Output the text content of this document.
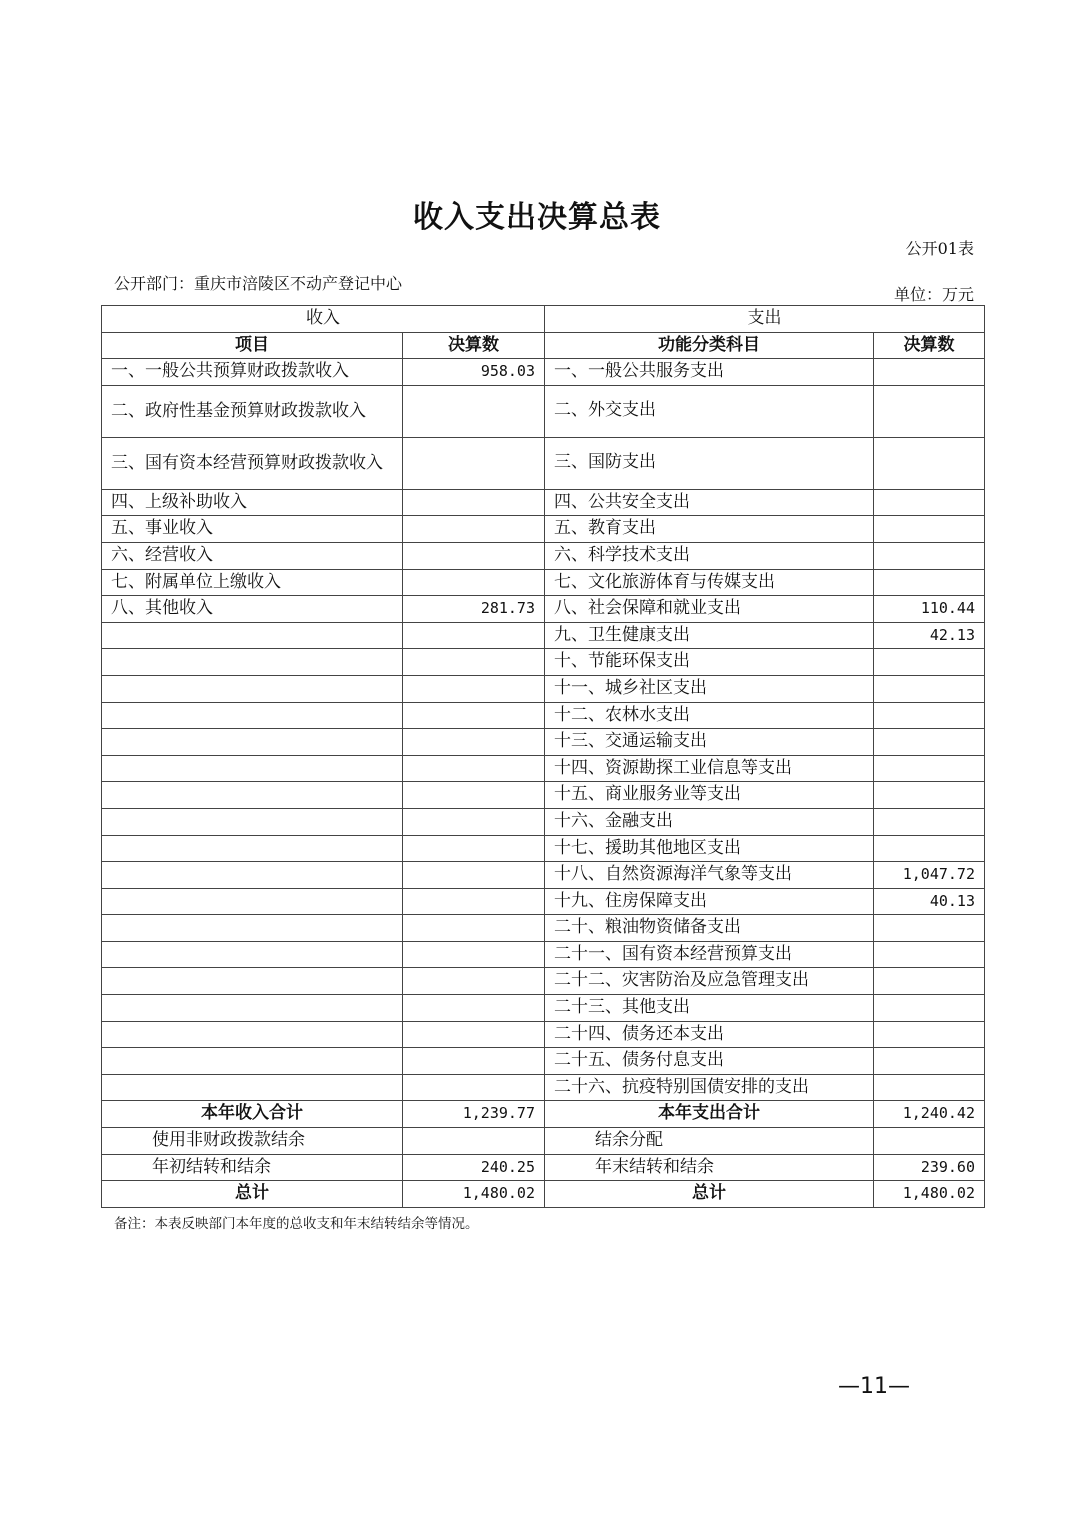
收入支出决算总表
公开01表
公开部门：重庆市涪陵区不动产登记中心
单位：万元
收入		支出	
项目	决算数	功能分类科目	决算数
一、一般公共预算财政拨款收入	958.03	一、一般公共服务支出	
二、政府性基金预算财政拨款收入		二、外交支出	
三、国有资本经营预算财政拨款收入		三、国防支出	
四、上级补助收入		四、公共安全支出	
五、事业收入		五、教育支出	
六、经营收入		六、科学技术支出	
七、附属单位上缴收入		七、文化旅游体育与传媒支出	
八、其他收入	281.73	八、社会保障和就业支出	110.44
		九、卫生健康支出	42.13
		十、节能环保支出	
		十一、城乡社区支出	
		十二、农林水支出	
		十三、交通运输支出	
		十四、资源勘探工业信息等支出	
		十五、商业服务业等支出	
		十六、金融支出	
		十七、援助其他地区支出	
		十八、自然资源海洋气象等支出	1,047.72
		十九、住房保障支出	40.13
		二十、粮油物资储备支出	
		二十一、国有资本经营预算支出	
		二十二、灾害防治及应急管理支出	
		二十三、其他支出	
		二十四、债务还本支出	
		二十五、债务付息支出	
		二十六、抗疫特别国债安排的支出	
本年收入合计	1,239.77	本年支出合计	1,240.42
使用非财政拨款结余		结余分配	
年初结转和结余	240.25	年末结转和结余	239.60
总计	1,480.02	总计	1,480.02
备注：本表反映部门本年度的总收支和年末结转结余等情况。
—11—
